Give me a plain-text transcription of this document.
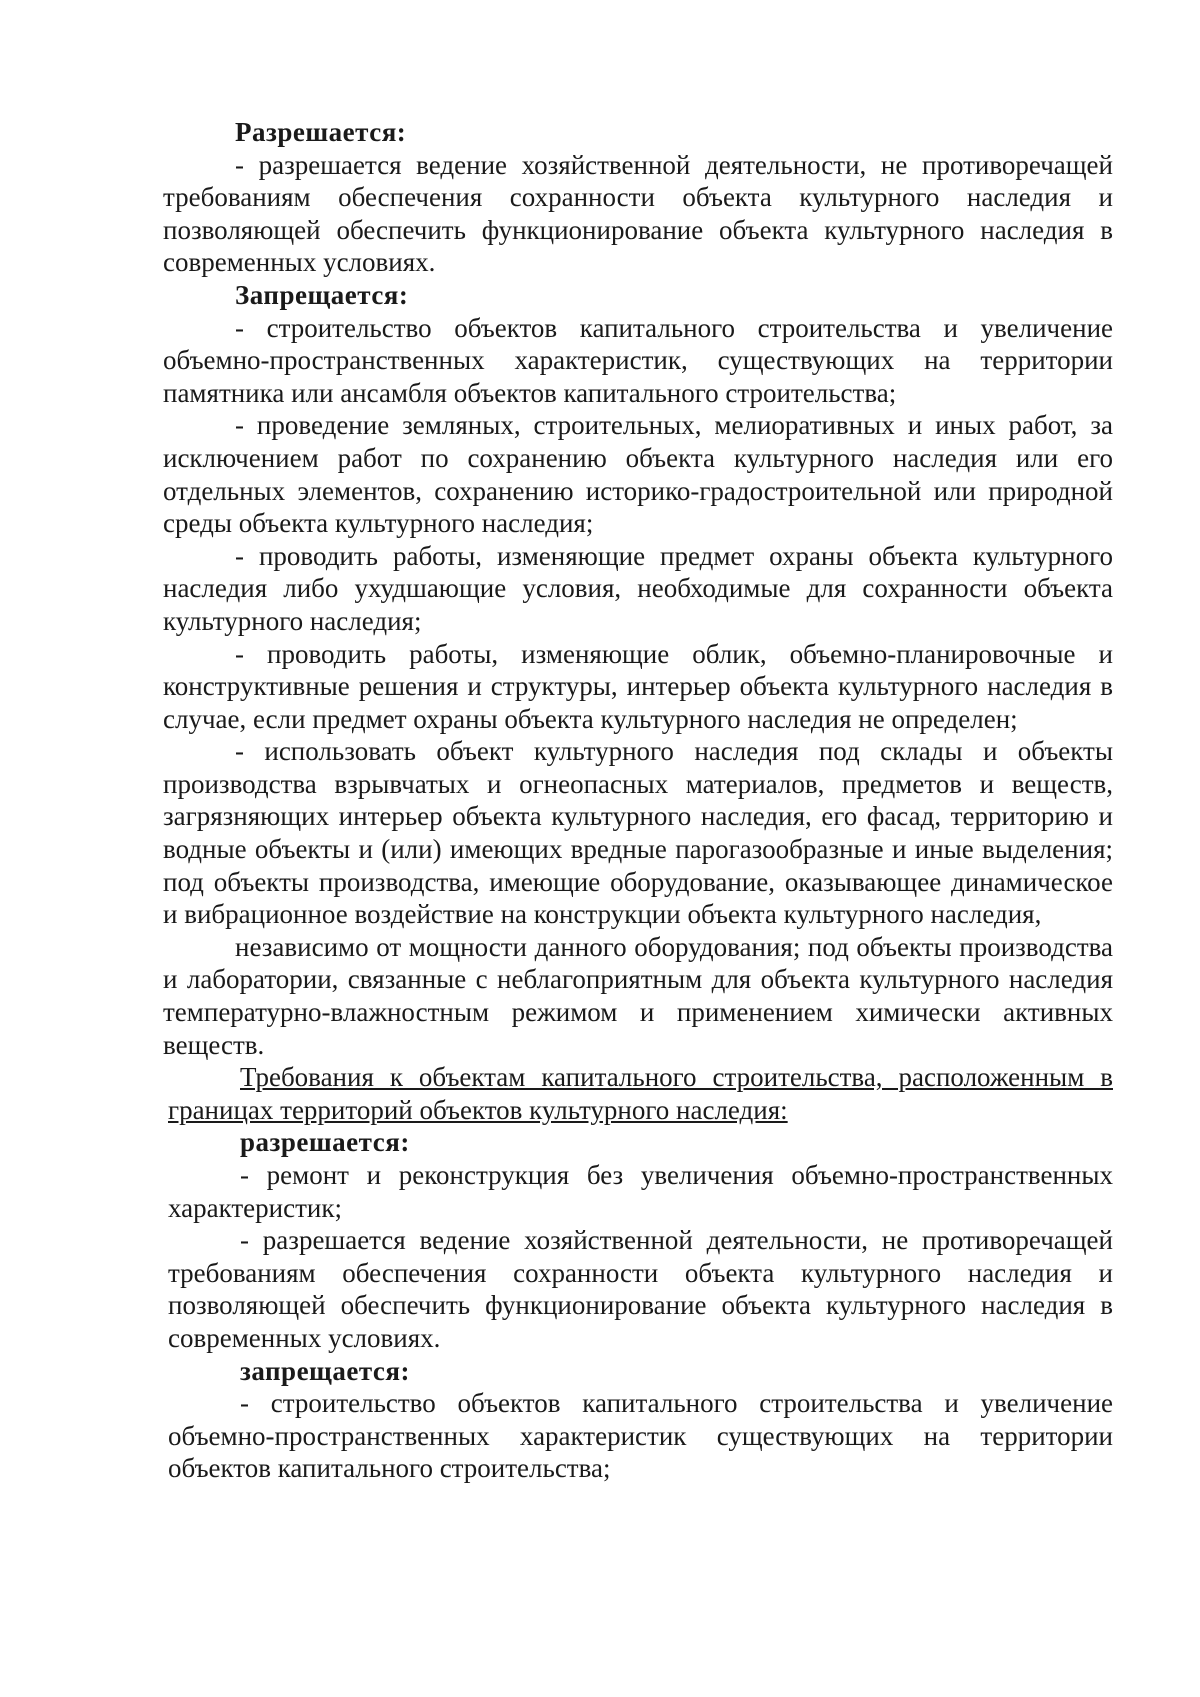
Разрешается:

- разрешается ведение хозяйственной деятельности, не противоречащей требованиям обеспечения сохранности объекта культурного наследия и позволяющей обеспечить функционирование объекта культурного наследия в современных условиях.

Запрещается:

- строительство объектов капитального строительства и увеличение объемно-пространственных характеристик, существующих на территории памятника или ансамбля объектов капитального строительства;

- проведение земляных, строительных, мелиоративных и иных работ, за исключением работ по сохранению объекта культурного наследия или его отдельных элементов, сохранению историко-градостроительной или природной среды объекта культурного наследия;

- проводить работы, изменяющие предмет охраны объекта культурного наследия либо ухудшающие условия, необходимые для сохранности объекта культурного наследия;

- проводить работы, изменяющие облик, объемно-планировочные и конструктивные решения и структуры, интерьер объекта культурного наследия в случае, если предмет охраны объекта культурного наследия не определен;

- использовать объект культурного наследия под склады и объекты производства взрывчатых и огнеопасных материалов, предметов и веществ, загрязняющих интерьер объекта культурного наследия, его фасад, территорию и водные объекты и (или) имеющих вредные парогазообразные и иные выделения; под объекты производства, имеющие оборудование, оказывающее динамическое и вибрационное воздействие на конструкции объекта культурного наследия,

независимо от мощности данного оборудования; под объекты производства и лаборатории, связанные с неблагоприятным для объекта культурного наследия температурно-влажностным режимом и применением химически активных веществ.

Требования к объектам капитального строительства, расположенным в границах территорий объектов культурного наследия:

разрешается:

- ремонт и реконструкция без увеличения объемно-пространственных характеристик;

- разрешается ведение хозяйственной деятельности, не противоречащей требованиям обеспечения сохранности объекта культурного наследия и позволяющей обеспечить функционирование объекта культурного наследия в современных условиях.

запрещается:

- строительство объектов капитального строительства и увеличение объемно-пространственных характеристик существующих на территории объектов капитального строительства;
